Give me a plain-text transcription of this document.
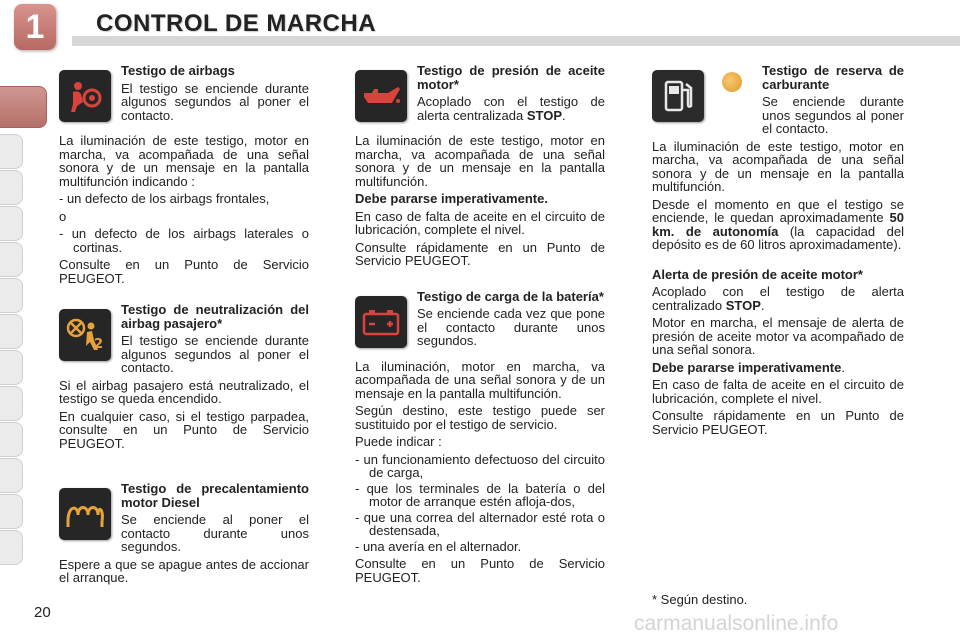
1	CONTROL DE MARCHA

Testigo de airbags

El testigo se enciende durante algunos segundos al poner el contacto.

La iluminación de este testigo, motor en marcha, va acompañada de una señal sonora y de un mensaje en la pantalla multifunción indicando :

- un defecto de los airbags frontales,

o

- un defecto de los airbags laterales o cortinas.

Consulte en un Punto de Servicio PEUGEOT.

2

Testigo de neutralización del airbag pasajero*

El testigo se enciende durante algunos segundos al poner el contacto.

Si el airbag pasajero está neutralizado, el testigo se queda encendido.

En cualquier caso, si el testigo parpadea, consulte en un Punto de Servicio PEUGEOT.

Testigo de precalentamiento motor Diesel

Se enciende al poner el contacto durante unos segundos.

Espere a que se apague antes de accionar el arranque.

Testigo de presión de aceite motor*

Acoplado con el testigo de alerta centralizada STOP.

La iluminación de este testigo, motor en marcha, va acompañada de una señal sonora y de un mensaje en la pantalla multifunción.

Debe pararse imperativamente.

En caso de falta de aceite en el circuito de lubricación, complete el nivel.

Consulte rápidamente en un Punto de Servicio PEUGEOT.

Testigo de carga de la batería*

Se enciende cada vez que pone el contacto durante unos segundos.

La iluminación, motor en marcha, va acompañada de una señal sonora y de un mensaje en la pantalla multifunción.

Según destino, este testigo puede ser sustituido por el testigo de servicio.

Puede indicar :

- un funcionamiento defectuoso del circuito de carga,
- que los terminales de la batería o del motor de arranque estén afloja-dos,
- que una correa del alternador esté rota o destensada,
- una avería en el alternador.

Consulte en un Punto de Servicio PEUGEOT.

Testigo de reserva de carburante

Se enciende durante unos segundos al poner el contacto.

La iluminación de este testigo, motor en marcha, va acompañada de una señal sonora y de un mensaje en la pantalla multifunción.

Desde el momento en que el testigo se enciende, le quedan aproximadamente 50 km. de autonomía (la capacidad del depósito es de 60 litros aproximadamente).

Alerta de presión de aceite motor*

Acoplado con el testigo de alerta centralizado STOP.

Motor en marcha, el mensaje de alerta de presión de aceite motor va acompañado de una señal sonora.

Debe pararse imperativamente.

En caso de falta de aceite en el circuito de lubricación, complete el nivel.

Consulte rápidamente en un Punto de Servicio PEUGEOT.

* Según destino.
20	carmanualsonline.info
